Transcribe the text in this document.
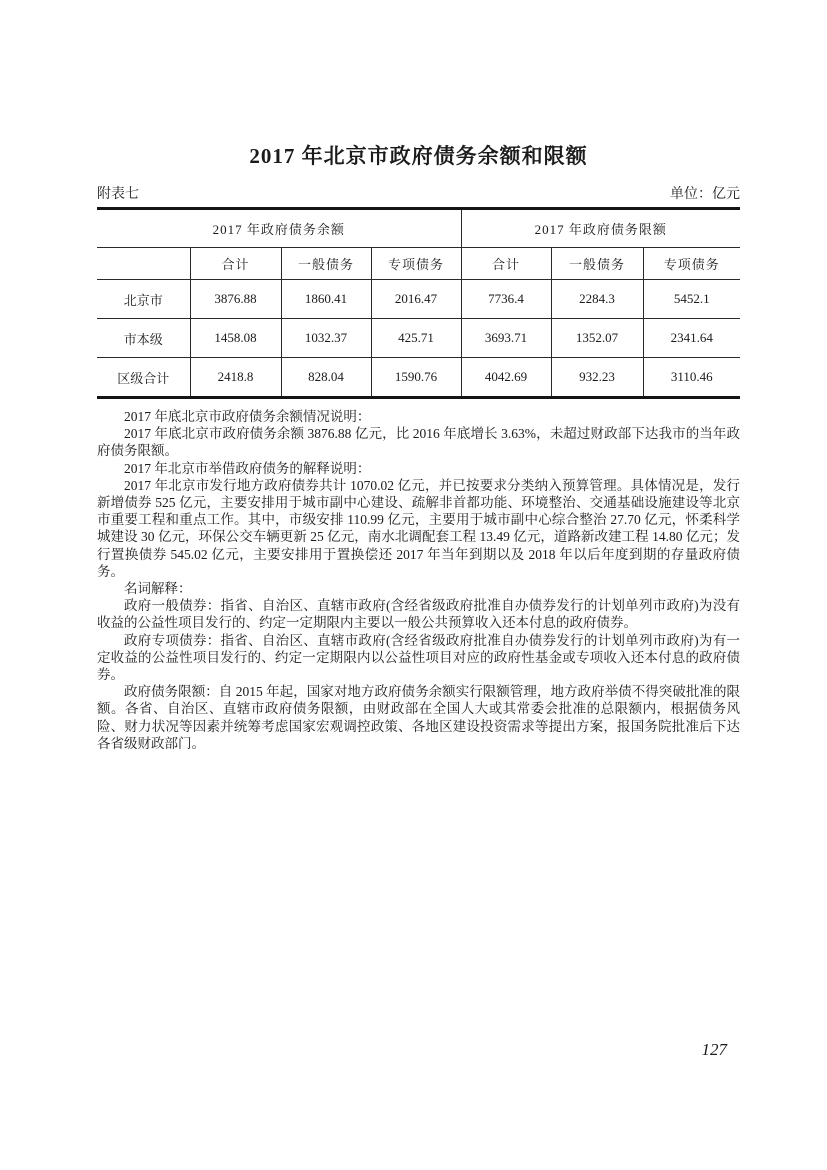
2017 年北京市政府债务余额和限额
附表七	单位：亿元
2017 年政府债务余额				2017 年政府债务限额		
	合计	一般债务	专项债务	合计	一般债务	专项债务
北京市	3876.88	1860.41	2016.47	7736.4	2284.3	5452.1
市本级	1458.08	1032.37	425.71	3693.71	1352.07	2341.64
区级合计	2418.8	828.04	1590.76	4042.69	932.23	3110.46

2017 年底北京市政府债务余额情况说明：

2017 年底北京市政府债务余额 3876.88 亿元，比 2016 年底增长 3.63%，未超过财政部下达我市的当年政府债务限额。

2017 年北京市举借政府债务的解释说明：

2017 年北京市发行地方政府债券共计 1070.02 亿元，并已按要求分类纳入预算管理。具体情况是，发行新增债券 525 亿元，主要安排用于城市副中心建设、疏解非首都功能、环境整治、交通基础设施建设等北京市重要工程和重点工作。其中，市级安排 110.99 亿元，主要用于城市副中心综合整治 27.70 亿元，怀柔科学城建设 30 亿元，环保公交车辆更新 25 亿元，南水北调配套工程 13.49 亿元，道路新改建工程 14.80 亿元；发行置换债券 545.02 亿元，主要安排用于置换偿还 2017 年当年到期以及 2018 年以后年度到期的存量政府债务。

名词解释：

政府一般债券：指省、自治区、直辖市政府(含经省级政府批准自办债券发行的计划单列市政府)为没有收益的公益性项目发行的、约定一定期限内主要以一般公共预算收入还本付息的政府债券。

政府专项债券：指省、自治区、直辖市政府(含经省级政府批准自办债券发行的计划单列市政府)为有一定收益的公益性项目发行的、约定一定期限内以公益性项目对应的政府性基金或专项收入还本付息的政府债券。

政府债务限额：自 2015 年起，国家对地方政府债务余额实行限额管理，地方政府举债不得突破批准的限额。各省、自治区、直辖市政府债务限额，由财政部在全国人大或其常委会批准的总限额内，根据债务风险、财力状况等因素并统筹考虑国家宏观调控政策、各地区建设投资需求等提出方案，报国务院批准后下达各省级财政部门。

127
